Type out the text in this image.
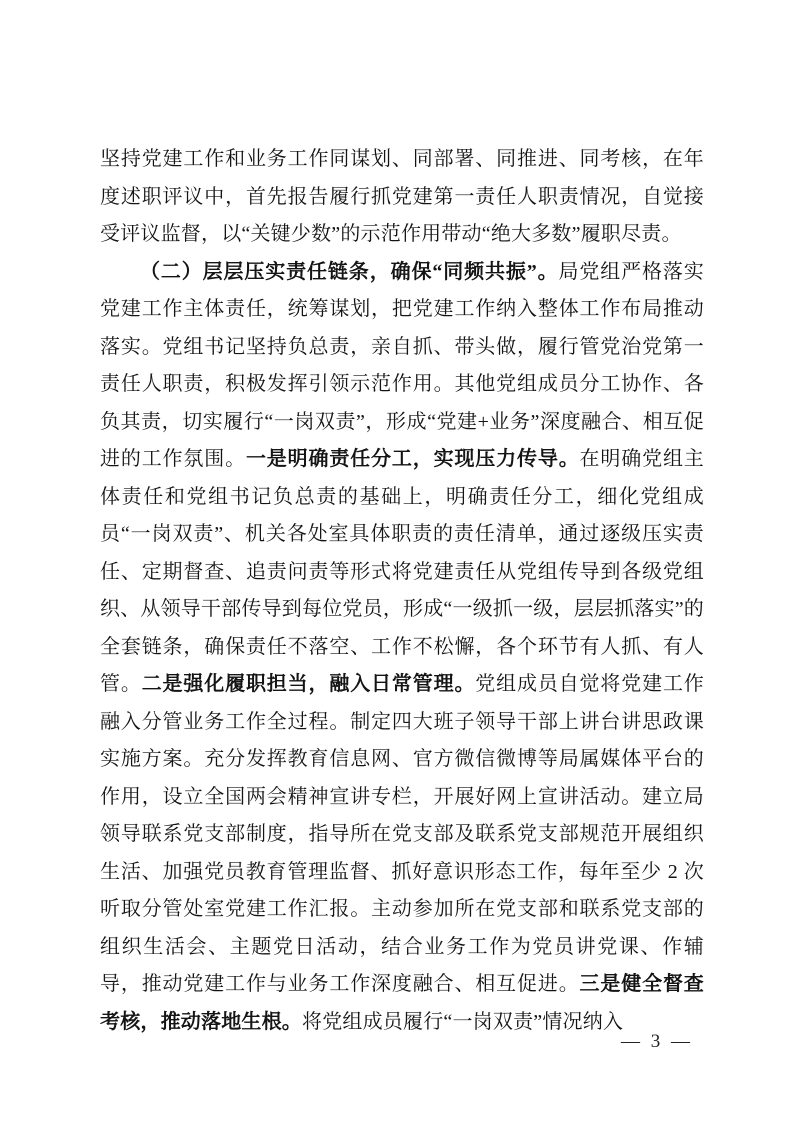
坚持党建工作和业务工作同谋划、同部署、同推进、同考核，在年度述职评议中，首先报告履行抓党建第一责任人职责情况，自觉接受评议监督，以“关键少数”的示范作用带动“绝大多数”履职尽责。

（二）层层压实责任链条，确保“同频共振”。局党组严格落实党建工作主体责任，统筹谋划，把党建工作纳入整体工作布局推动落实。党组书记坚持负总责，亲自抓、带头做，履行管党治党第一责任人职责，积极发挥引领示范作用。其他党组成员分工协作、各负其责，切实履行“一岗双责”，形成“党建+业务”深度融合、相互促进的工作氛围。一是明确责任分工，实现压力传导。在明确党组主体责任和党组书记负总责的基础上，明确责任分工，细化党组成员“一岗双责”、机关各处室具体职责的责任清单，通过逐级压实责任、定期督查、追责问责等形式将党建责任从党组传导到各级党组织、从领导干部传导到每位党员，形成“一级抓一级，层层抓落实”的全套链条，确保责任不落空、工作不松懈，各个环节有人抓、有人管。二是强化履职担当，融入日常管理。党组成员自觉将党建工作融入分管业务工作全过程。制定四大班子领导干部上讲台讲思政课实施方案。充分发挥教育信息网、官方微信微博等局属媒体平台的作用，设立全国两会精神宣讲专栏，开展好网上宣讲活动。建立局领导联系党支部制度，指导所在党支部及联系党支部规范开展组织生活、加强党员教育管理监督、抓好意识形态工作，每年至少 2 次听取分管处室党建工作汇报。主动参加所在党支部和联系党支部的组织生活会、主题党日活动，结合业务工作为党员讲党课、作辅导，推动党建工作与业务工作深度融合、相互促进。三是健全督查考核，推动落地生根。将党组成员履行“一岗双责”情况纳入

— 3 —
